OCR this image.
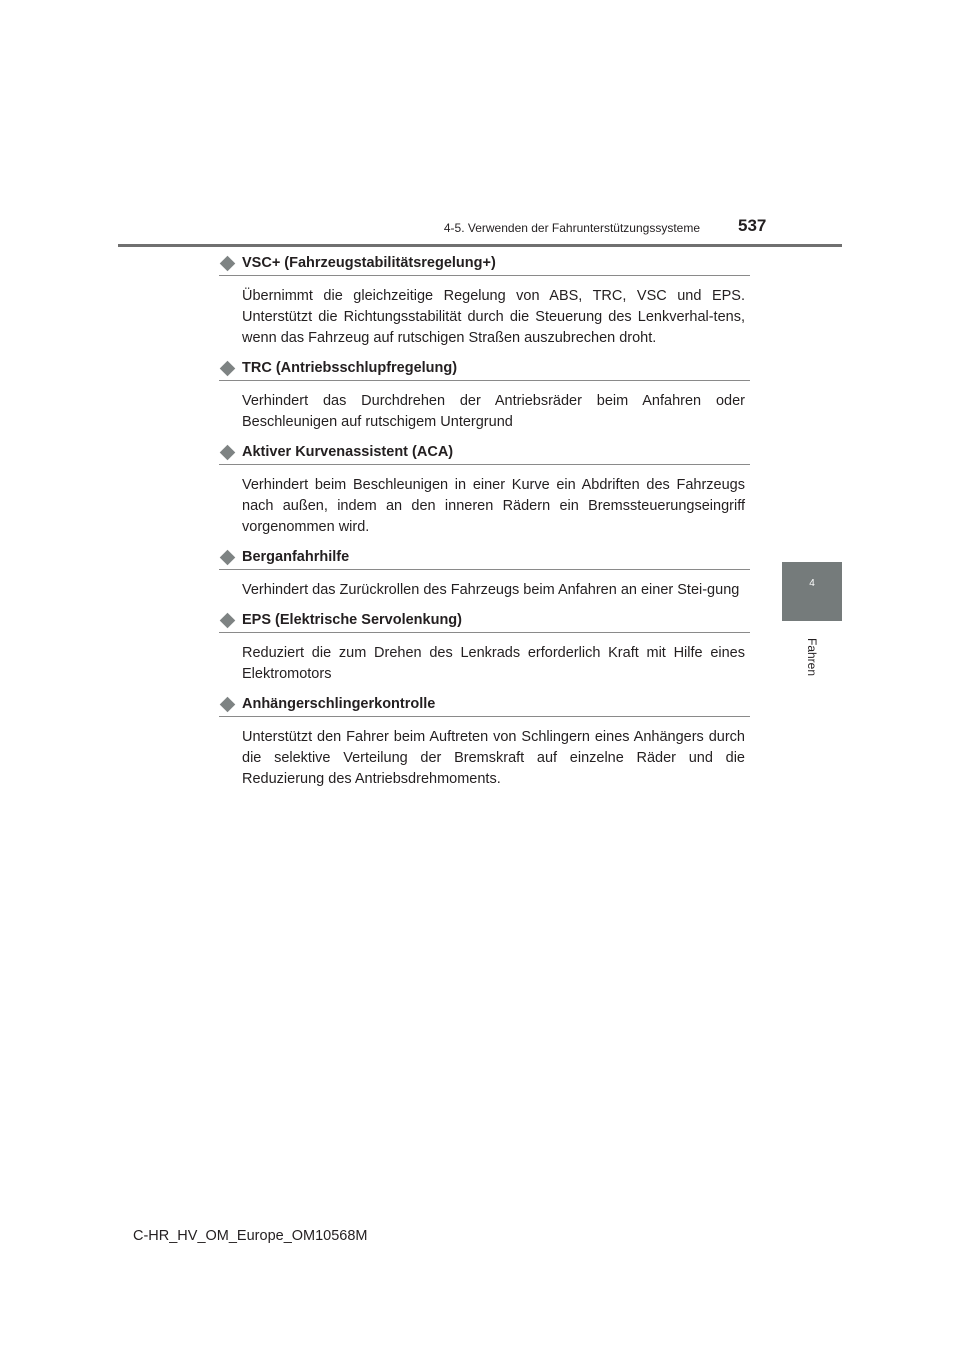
4-5. Verwenden der Fahrunterstützungssysteme 537
4
Fahren
VSC+ (Fahrzeugstabilitätsregelung+)

Übernimmt die gleichzeitige Regelung von ABS, TRC, VSC und EPS. Unterstützt die Richtungsstabilität durch die Steuerung des Lenkverhal-tens, wenn das Fahrzeug auf rutschigen Straßen auszubrechen droht.

TRC (Antriebsschlupfregelung)

Verhindert das Durchdrehen der Antriebsräder beim Anfahren oder Beschleunigen auf rutschigem Untergrund

Aktiver Kurvenassistent (ACA)

Verhindert beim Beschleunigen in einer Kurve ein Abdriften des Fahrzeugs nach außen, indem an den inneren Rädern ein Bremssteuerungseingriff vorgenommen wird.

Berganfahrhilfe

Verhindert das Zurückrollen des Fahrzeugs beim Anfahren an einer Stei-gung

EPS (Elektrische Servolenkung)

Reduziert die zum Drehen des Lenkrads erforderlich Kraft mit Hilfe eines Elektromotors

Anhängerschlingerkontrolle

Unterstützt den Fahrer beim Auftreten von Schlingern eines Anhängers durch die selektive Verteilung der Bremskraft auf einzelne Räder und die Reduzierung des Antriebsdrehmoments.

C-HR_HV_OM_Europe_OM10568M
